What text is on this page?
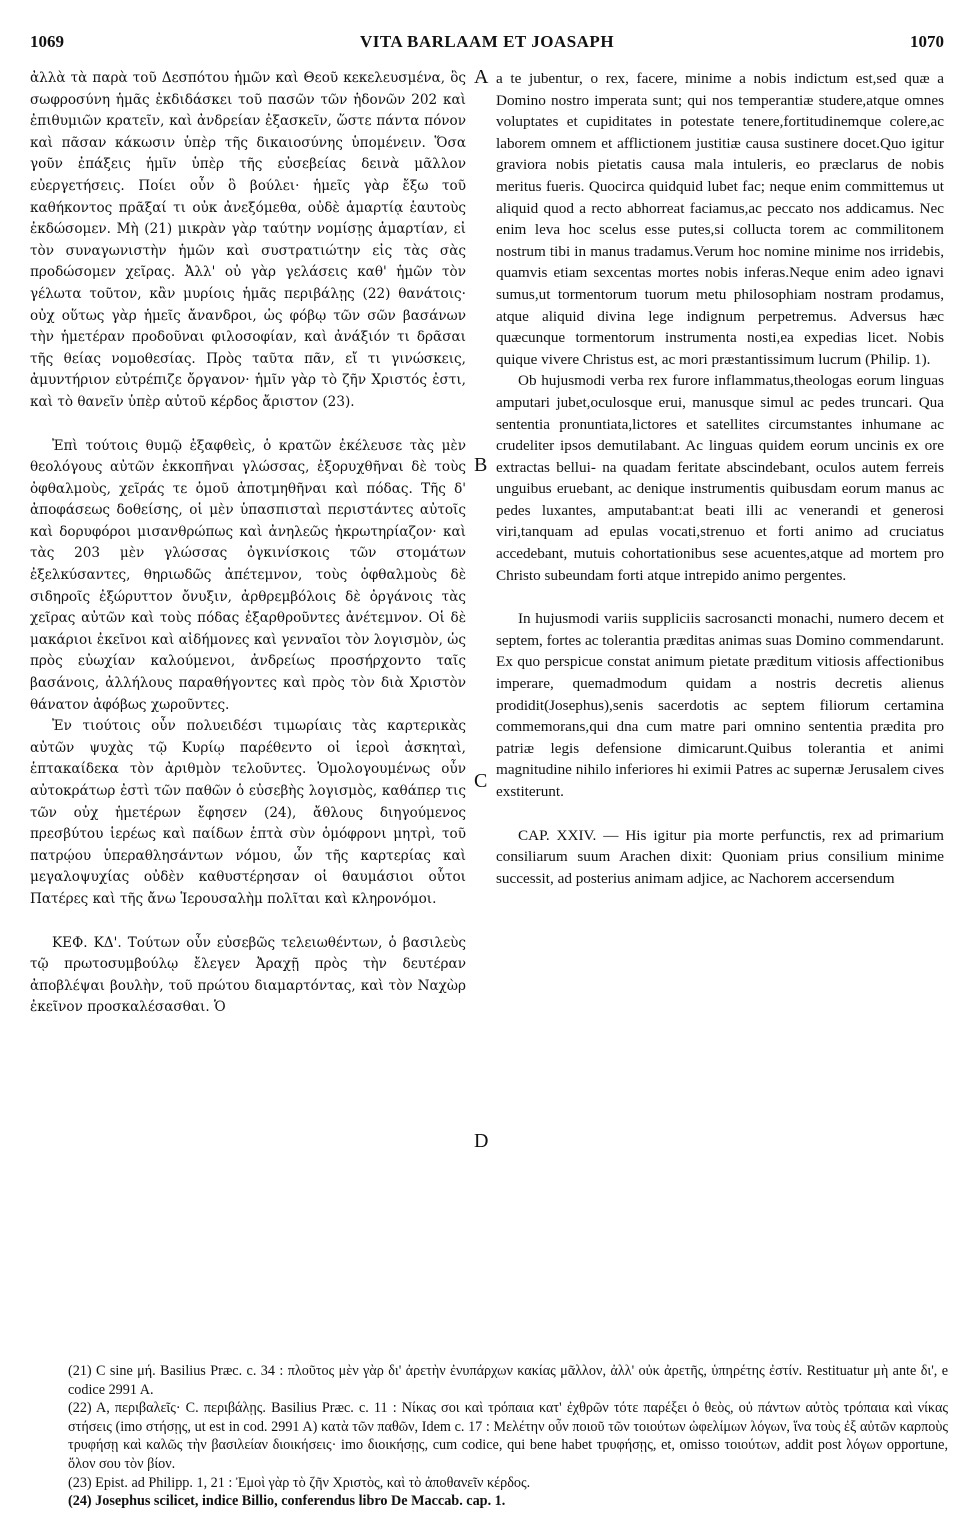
1069	VITA BARLAAM ET JOASAPH	1070

ἀλλὰ τὰ παρὰ τοῦ Δεσπότου ἡμῶν καὶ Θεοῦ κεκελευσμένα, ὃς σωφροσύνη ἡμᾶς ἐκδιδάσκει τοῦ πασῶν τῶν ἡδονῶν 202 καὶ ἐπιθυμιῶν κρατεῖν, καὶ ἀνδρείαν ἐξασκεῖν, ὥστε πάντα πόνον καὶ πᾶσαν κάκωσιν ὑπὲρ τῆς δικαιοσύνης ὑπομένειν. Ὅσα γοῦν ἐπάξεις ἡμῖν ὑπὲρ τῆς εὐσεβείας δεινὰ μᾶλλον εὐεργετήσεις. Ποίει οὖν ὃ βούλει· ἡμεῖς γὰρ ἔξω τοῦ καθήκοντος πρᾶξαί τι οὐκ ἀνεξόμεθα, οὐδὲ ἁμαρτίᾳ ἑαυτοὺς ἐκδώσομεν. Μὴ (21) μικρὰν γὰρ ταύτην νομίσῃς ἁμαρτίαν, εἰ τὸν συναγωνιστὴν ἡμῶν καὶ συστρατιώτην εἰς τὰς σὰς προδώσομεν χεῖρας. Ἀλλ' οὐ γὰρ γελάσεις καθ' ἡμῶν τὸν γέλωτα τοῦτον, κἂν μυρίοις ἡμᾶς περιβάλῃς (22) θανάτοις· οὐχ οὕτως γὰρ ἡμεῖς ἄνανδροι, ὡς φόβῳ τῶν σῶν βασάνων τὴν ἡμετέραν προδοῦναι φιλοσοφίαν, καὶ ἀνάξιόν τι δρᾶσαι τῆς θείας νομοθεσίας. Πρὸς ταῦτα πᾶν, εἴ τι γινώσκεις, ἀμυντήριον εὐτρέπιζε ὄργανον· ἡμῖν γὰρ τὸ ζῆν Χριστός ἐστι, καὶ τὸ θανεῖν ὑπὲρ αὐτοῦ κέρδος ἄριστον (23).

Ἐπὶ τούτοις θυμῷ ἐξαφθεὶς, ὁ κρατῶν ἐκέλευσε τὰς μὲν θεολόγους αὐτῶν ἐκκοπῆναι γλώσσας, ἐξορυχθῆναι δὲ τοὺς ὀφθαλμοὺς, χεῖράς τε ὁμοῦ ἀποτμηθῆναι καὶ πόδας. Τῆς δ' ἀποφάσεως δοθείσης, οἱ μὲν ὑπασπισταὶ περιστάντες αὐτοῖς καὶ δορυφόροι μισανθρώπως καὶ ἀνηλεῶς ἠκρωτηρίαζον· καὶ τὰς 203 μὲν γλώσσας ὀγκινίσκοις τῶν στομάτων ἐξελκύσαντες, θηριωδῶς ἀπέτεμνον, τοὺς ὀφθαλμοὺς δὲ σιδηροῖς ἐξώρυττον ὄνυξιν, ἀρθρεμβόλοις δὲ ὀργάνοις τὰς χεῖρας αὐτῶν καὶ τοὺς πόδας ἐξαρθροῦντες ἀνέτεμνον. Οἱ δὲ μακάριοι ἐκεῖνοι καὶ αἰδήμονες καὶ γενναῖοι τὸν λογισμὸν, ὡς πρὸς εὐωχίαν καλούμενοι, ἀνδρείως προσήρχοντο ταῖς βασάνοις, ἀλλήλους παραθήγοντες καὶ πρὸς τὸν διὰ Χριστὸν θάνατον ἀφόβως χωροῦντες.

Ἐν τιούτοις οὖν πολυειδέσι τιμωρίαις τὰς καρτερικὰς αὐτῶν ψυχὰς τῷ Κυρίῳ παρέθεντο οἱ ἱεροὶ ἀσκηταὶ, ἑπτακαίδεκα τὸν ἀριθμὸν τελοῦντες. Ὁμολογουμένως οὖν αὐτοκράτωρ ἐστὶ τῶν παθῶν ὁ εὐσεβὴς λογισμὸς, καθάπερ τις τῶν οὐχ ἡμετέρων ἔφησεν (24), ἄθλους διηγούμενος πρεσβύτου ἱερέως καὶ παίδων ἑπτὰ σὺν ὁμόφρονι μητρὶ, τοῦ πατρῴου ὑπεραθλησάντων νόμου, ὧν τῆς καρτερίας καὶ μεγαλοψυχίας οὐδὲν καθυστέρησαν οἱ θαυμάσιοι οὗτοι Πατέρες καὶ τῆς ἄνω Ἱερουσαλὴμ πολῖται καὶ κληρονόμοι.

ΚΕΦ. ΚΔ'. Τούτων οὖν εὐσεβῶς τελειωθέντων, ὁ βασιλεὺς τῷ πρωτοσυμβούλῳ ἔλεγεν Ἀραχῇ πρὸς τὴν δευτέραν ἀποβλέψαι βουλὴν, τοῦ πρώτου διαμαρτόντας, καὶ τὸν Ναχὼρ ἐκεῖνον προσκαλέσασθαι. Ὁ

A
B
C
D

a te jubentur, o rex, facere, minime a nobis indictum est,sed quæ a Domino nostro imperata sunt; qui nos temperantiæ studere,atque omnes voluptates et cupiditates in potestate tenere,fortitudinemque colere,ac laborem omnem et afflictionem justitiæ causa sustinere docet.Quo igitur graviora nobis pietatis causa mala intuleris, eo præclarus de nobis meritus fueris. Quocirca quidquid lubet fac; neque enim committemus ut aliquid quod a recto abhorreat faciamus,ac peccato nos addicamus. Nec enim leva hoc scelus esse putes,si collucta torem ac commilitonem nostrum tibi in manus tradamus.Verum hoc nomine minime nos irridebis, quamvis etiam sexcentas mortes nobis inferas.Neque enim adeo ignavi sumus,ut tormentorum tuorum metu philosophiam nostram prodamus, atque aliquid divina lege indignum perpetremus. Adversus hæc quæcunque tormentorum instrumenta nosti,ea expedias licet. Nobis quique vivere Christus est, ac mori præstantissimum lucrum (Philip. 1).

Ob hujusmodi verba rex furore inflammatus,theologas eorum linguas amputari jubet,oculosque erui, manusque simul ac pedes truncari. Qua sententia pronuntiata,lictores et satellites circumstantes inhumane ac crudeliter ipsos demutilabant. Ac linguas quidem eorum uncinis ex ore extractas bellui- na quadam feritate abscindebant, oculos autem ferreis unguibus eruebant, ac denique instrumentis quibusdam eorum manus ac pedes luxantes, amputabant:at beati illi ac venerandi et generosi viri,tanquam ad epulas vocati,strenuo et forti animo ad cruciatus accedebant, mutuis cohortationibus sese acuentes,atque ad mortem pro Christo subeundam forti atque intrepido animo pergentes.

In hujusmodi variis suppliciis sacrosancti monachi, numero decem et septem, fortes ac tolerantia præditas animas suas Domino commendarunt. Ex quo perspicue constat animum pietate præditum vitiosis affectionibus imperare, quemadmodum quidam a nostris decretis alienus prodidit(Josephus),senis sacerdotis ac septem filiorum certamina commemorans,qui dna cum matre pari omnino sententia prædita pro patriæ legis defensione dimicarunt.Quibus tolerantia et animi magnitudine nihilo inferiores hi eximii Patres ac supernæ Jerusalem cives exstiterunt.

CAP. XXIV. — His igitur pia morte perfunctis, rex ad primarium consiliarum suum Arachen dixit: Quoniam prius consilium minime successit, ad posterius animam adjice, ac Nachorem accersendum

(21) C sine μή. Basilius Præc. c. 34 : πλοῦτος μὲν γὰρ δι' ἀρετὴν ἐνυπάρχων κακίας μᾶλλον, ἀλλ' οὐκ ἀρετῆς, ὑπηρέτης ἐστίν. Restituatur μὴ ante δι', e codice 2991 A.

(22) A, περιβαλεῖς· C. περιβάλῃς. Basilius Præc. c. 11 : Νίκας σοι καὶ τρόπαια κατ' ἐχθρῶν τότε παρέξει ὁ θεὸς, οὐ πάντων αὐτὸς τρόπαια καὶ νίκας στήσεις (imo στήσῃς, ut est in cod. 2991 A) κατὰ τῶν παθῶν, Idem c. 17 : Μελέτην οὖν ποιοῦ τῶν τοιούτων ὠφελίμων λόγων, ἵνα τοὺς ἐξ αὐτῶν καρποὺς τρυφήσῃ καὶ καλῶς τὴν βασιλείαν διοικήσεις· imo διοικήσῃς, cum codice, qui bene habet τρυφήσῃς, et, omisso τοιούτων, addit post λόγων opportune, ὅλον σου τὸν βίον.

(23) Epist. ad Philipp. 1, 21 : Ἐμοὶ γὰρ τὸ ζῆν Χριστὸς, καὶ τὸ ἀποθανεῖν κέρδος.

(24) Josephus scilicet, indice Billio, conferendus libro De Maccab. cap. 1.
